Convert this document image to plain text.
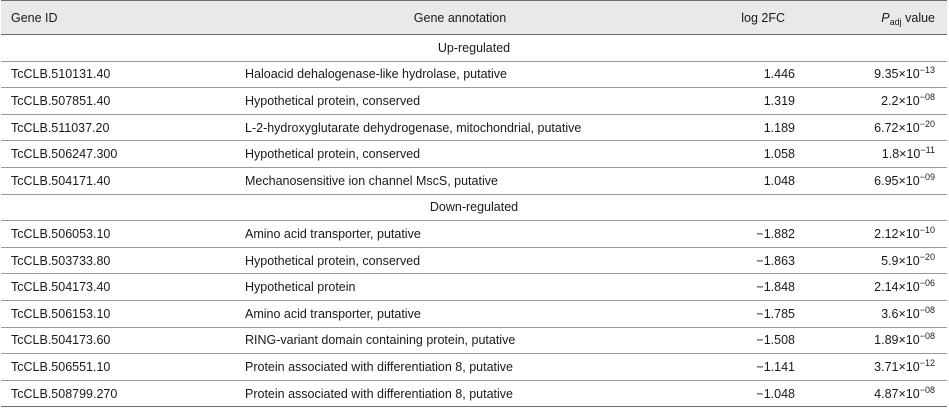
Gene ID	Gene annotation	log 2FC	$P_{adj}$ value
Up-regulated			
TcCLB.510131.40	Haloacid dehalogenase-like hydrolase, putative	1.446	$9.35\times 10^{-13}$
TcCLB.507851.40	Hypothetical protein, conserved	1.319	$2.2\times 10^{-08}$
TcCLB.511037.20	L-2-hydroxyglutarate dehydrogenase, mitochondrial, putative	1.189	$6.72\times 10^{-20}$
TcCLB.506247.300	Hypothetical protein, conserved	1.058	$1.8\times 10^{-11}$
TcCLB.504171.40	Mechanosensitive ion channel MscS, putative	1.048	$6.95\times 10^{-09}$
Down-regulated			
TcCLB.506053.10	Amino acid transporter, putative	−1.882	$2.12\times 10^{-10}$
TcCLB.503733.80	Hypothetical protein, conserved	−1.863	$5.9\times 10^{-20}$
TcCLB.504173.40	Hypothetical protein	−1.848	$2.14\times 10^{-06}$
TcCLB.506153.10	Amino acid transporter, putative	−1.785	$3.6\times 10^{-08}$
TcCLB.504173.60	RING-variant domain containing protein, putative	−1.508	$1.89\times 10^{-08}$
TcCLB.506551.10	Protein associated with differentiation 8, putative	−1.141	$3.71\times 10^{-12}$
TcCLB.508799.270	Protein associated with differentiation 8, putative	−1.048	$4.87\times 10^{-08}$
